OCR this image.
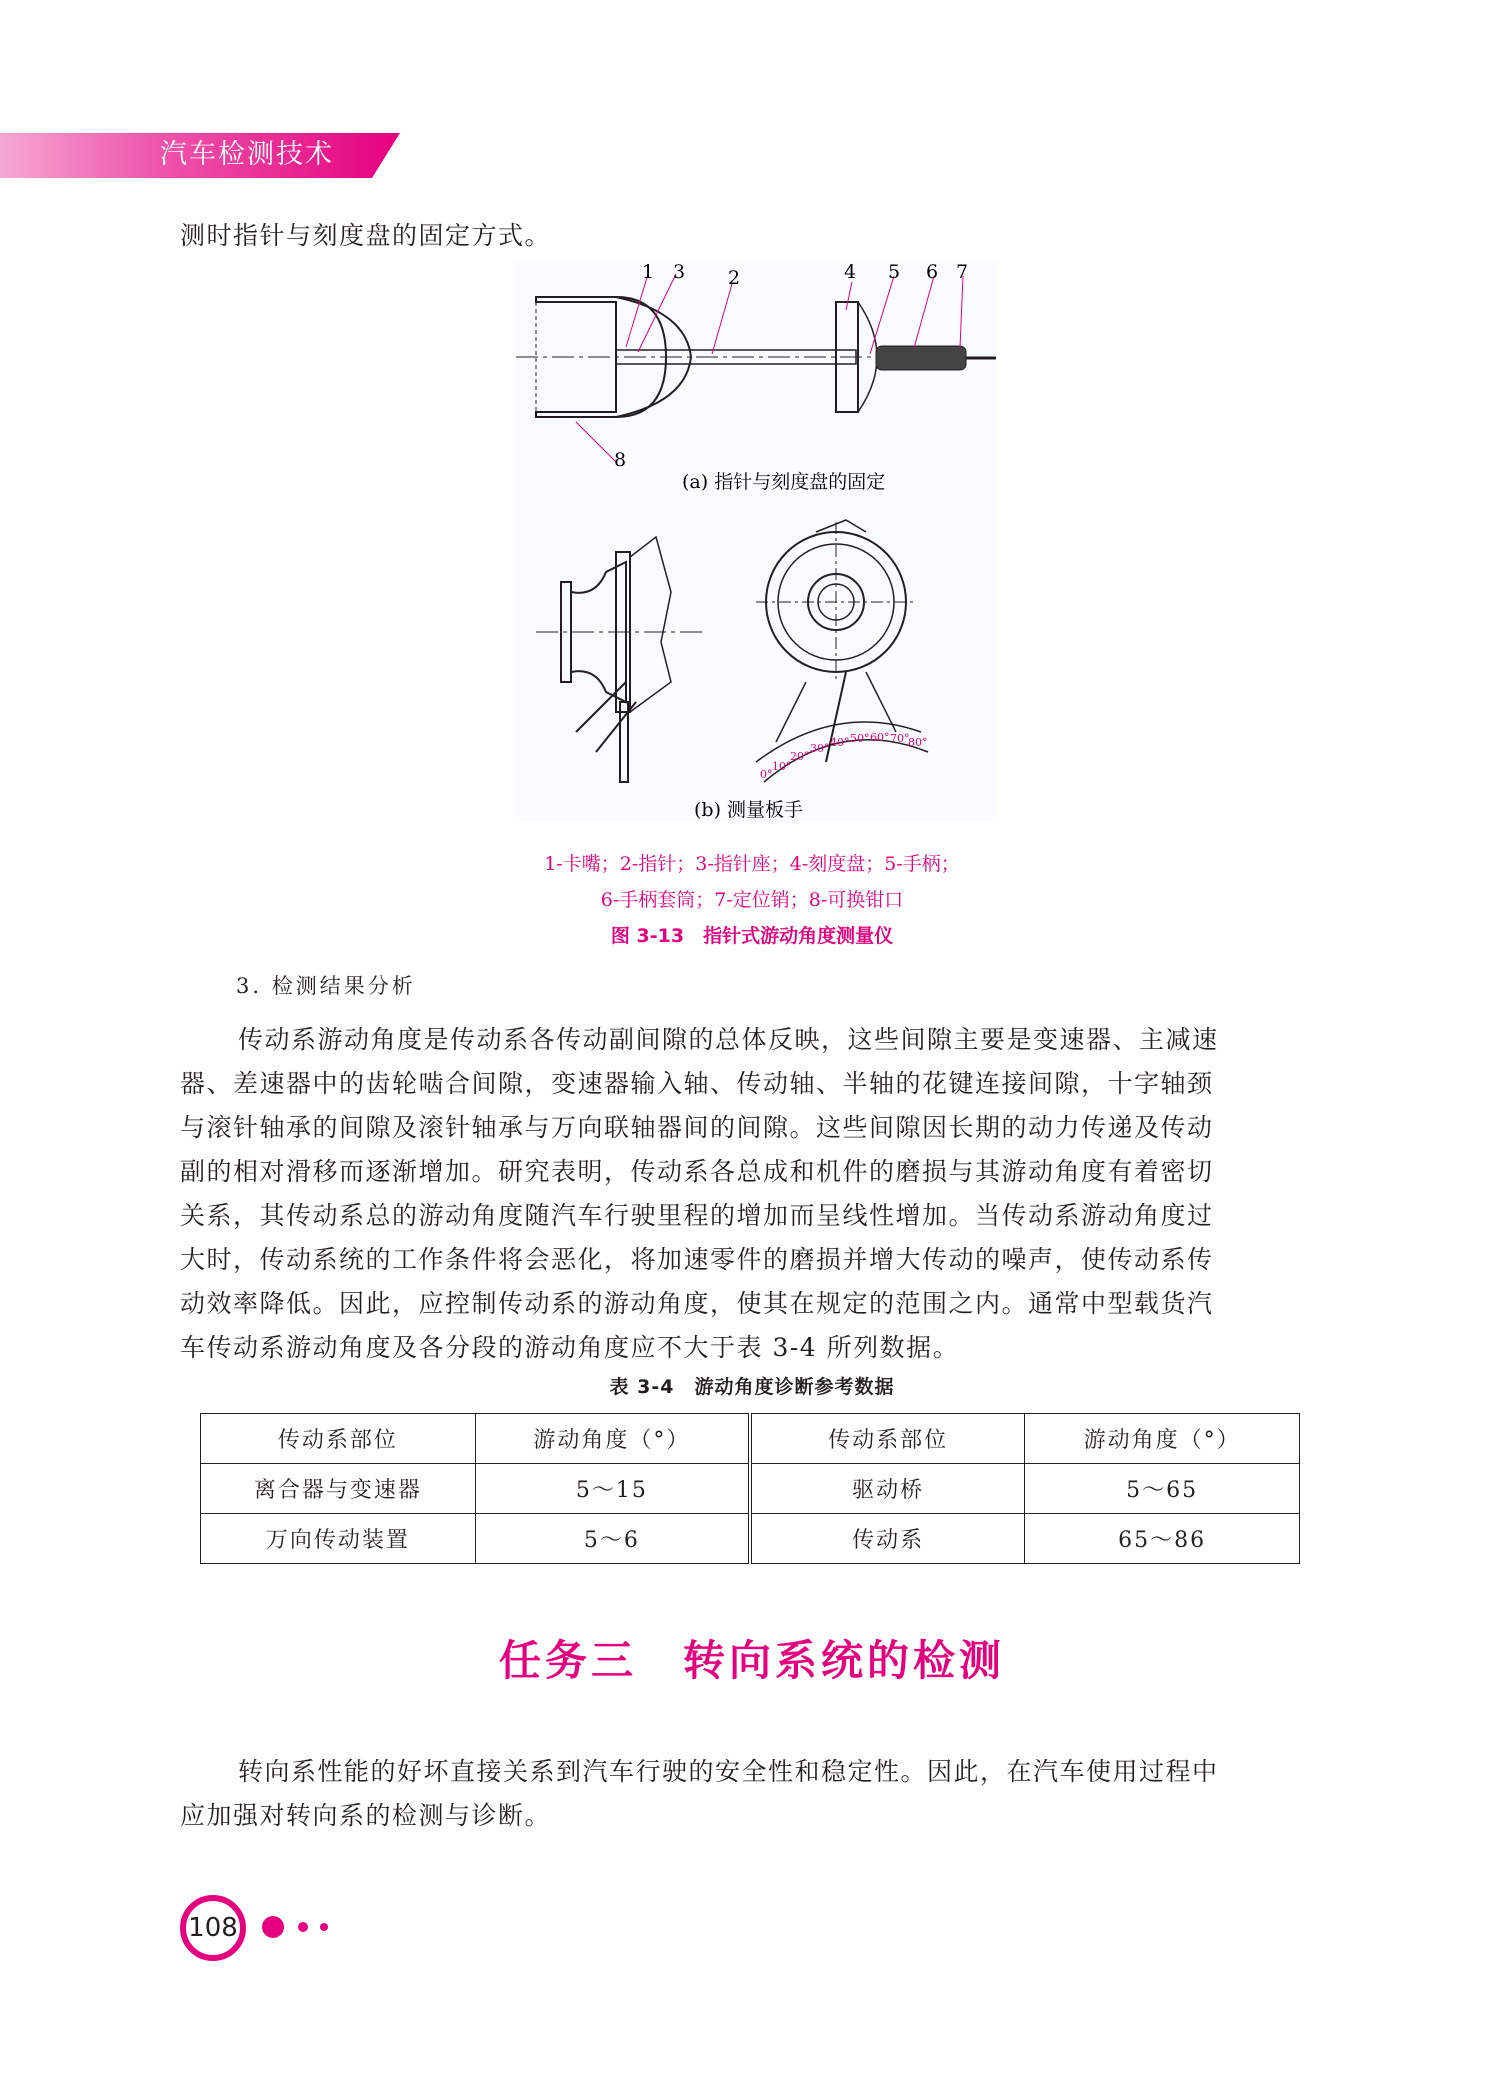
汽车检测技术
测时指针与刻度盘的固定方式。
1 3 2	4 5 6 7
8
(a) 指针与刻度盘的固定
0°
10°
20°
30° 40° 50° 60° 70°
80°
(b) 测量板手
1-卡嘴；2-指针；3-指针座；4-刻度盘；5-手柄；
6-手柄套筒；7-定位销；8-可换钳口
图 3-13　指针式游动角度测量仪
3. 检测结果分析
传动系游动角度是传动系各传动副间隙的总体反映，这些间隙主要是变速器、主减速
器、差速器中的齿轮啮合间隙，变速器输入轴、传动轴、半轴的花键连接间隙，十字轴颈
与滚针轴承的间隙及滚针轴承与万向联轴器间的间隙。这些间隙因长期的动力传递及传动
副的相对滑移而逐渐增加。研究表明，传动系各总成和机件的磨损与其游动角度有着密切
关系，其传动系总的游动角度随汽车行驶里程的增加而呈线性增加。当传动系游动角度过
大时，传动系统的工作条件将会恶化，将加速零件的磨损并增大传动的噪声，使传动系传
动效率降低。因此，应控制传动系的游动角度，使其在规定的范围之内。通常中型载货汽
车传动系游动角度及各分段的游动角度应不大于表 3-4 所列数据。
表 3-4　游动角度诊断参考数据
传动系部位	游动角度（°）	传动系部位	游动角度（°）
离合器与变速器	5～15	驱动桥	5～65
万向传动装置	5～6	传动系	65～86
任务三　转向系统的检测
转向系性能的好坏直接关系到汽车行驶的安全性和稳定性。因此，在汽车使用过程中
应加强对转向系的检测与诊断。
108
